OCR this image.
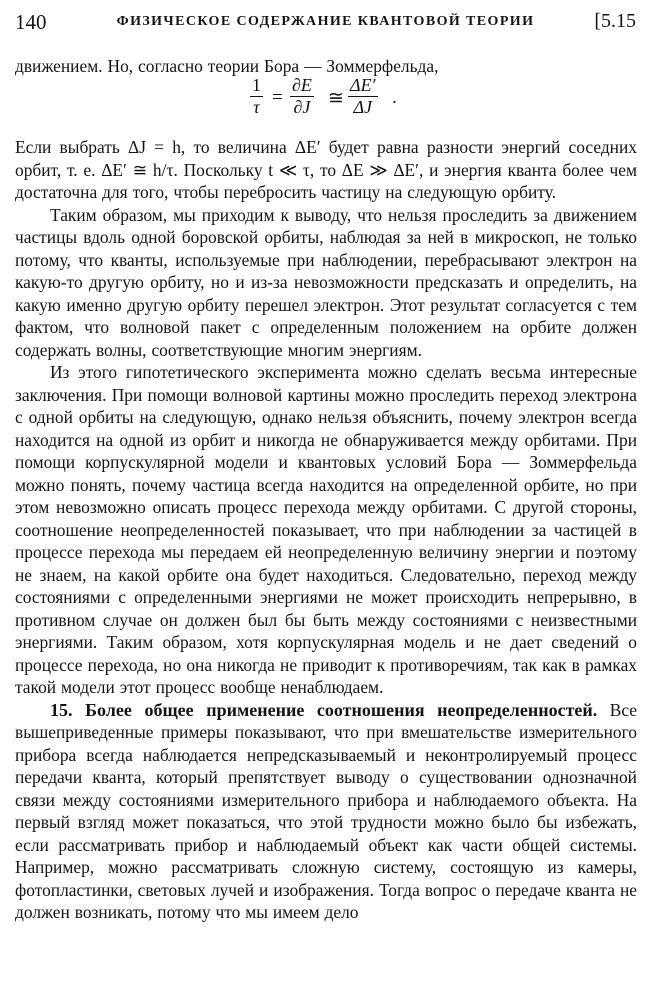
140	ФИЗИЧЕСКОЕ СОДЕРЖАНИЕ КВАНТОВОЙ ТЕОРИИ	[5.15

движением. Но, согласно теории Бора — Зоммерфельда,

1
τ =
∂E
∂J ≅
ΔE′
ΔJ .

Если выбрать ΔJ = h, то величина ΔE′ будет равна разности энергий соседних орбит, т. е. ΔE′ ≅ h/τ. Поскольку t ≪ τ, то ΔE ≫ ΔE′, и энергия кванта более чем достаточна для того, чтобы перебросить частицу на следующую орбиту.

Таким образом, мы приходим к выводу, что нельзя проследить за движением частицы вдоль одной боровской орбиты, наблюдая за ней в микроскоп, не только потому, что кванты, используемые при наблюдении, перебрасывают электрон на какую-то другую орбиту, но и из-за невозможности предсказать и определить, на какую именно другую орбиту перешел электрон. Этот результат согласуется с тем фактом, что волновой пакет с определенным положением на орбите должен содержать волны, соответствующие многим энергиям.

Из этого гипотетического эксперимента можно сделать весьма интересные заключения. При помощи волновой картины можно проследить переход электрона с одной орбиты на следующую, однако нельзя объяснить, почему электрон всегда находится на одной из орбит и никогда не обнаруживается между орбитами. При помощи корпускулярной модели и квантовых условий Бора — Зоммерфельда можно понять, почему частица всегда находится на определенной орбите, но при этом невозможно описать процесс перехода между орбитами. С другой стороны, соотношение неопределенностей показывает, что при наблюдении за частицей в процессе перехода мы передаем ей неопределенную величину энергии и поэтому не знаем, на какой орбите она будет находиться. Следовательно, переход между состояниями с определенными энергиями не может происходить непрерывно, в противном случае он должен был бы быть между состояниями с неизвестными энергиями. Таким образом, хотя корпускулярная модель и не дает сведений о процессе перехода, но она никогда не приводит к противоречиям, так как в рамках такой модели этот процесс вообще ненаблюдаем.

15. Более общее применение соотношения неопределенностей. Все вышеприведенные примеры показывают, что при вмешательстве измерительного прибора всегда наблюдается непредсказываемый и неконтролируемый процесс передачи кванта, который препятствует выводу о существовании однозначной связи между состояниями измерительного прибора и наблюдаемого объекта. На первый взгляд может показаться, что этой трудности можно было бы избежать, если рассматривать прибор и наблюдаемый объект как части общей системы. Например, можно рассматривать сложную систему, состоящую из камеры, фотопластинки, световых лучей и изображения. Тогда вопрос о передаче кванта не должен возникать, потому что мы имеем дело
